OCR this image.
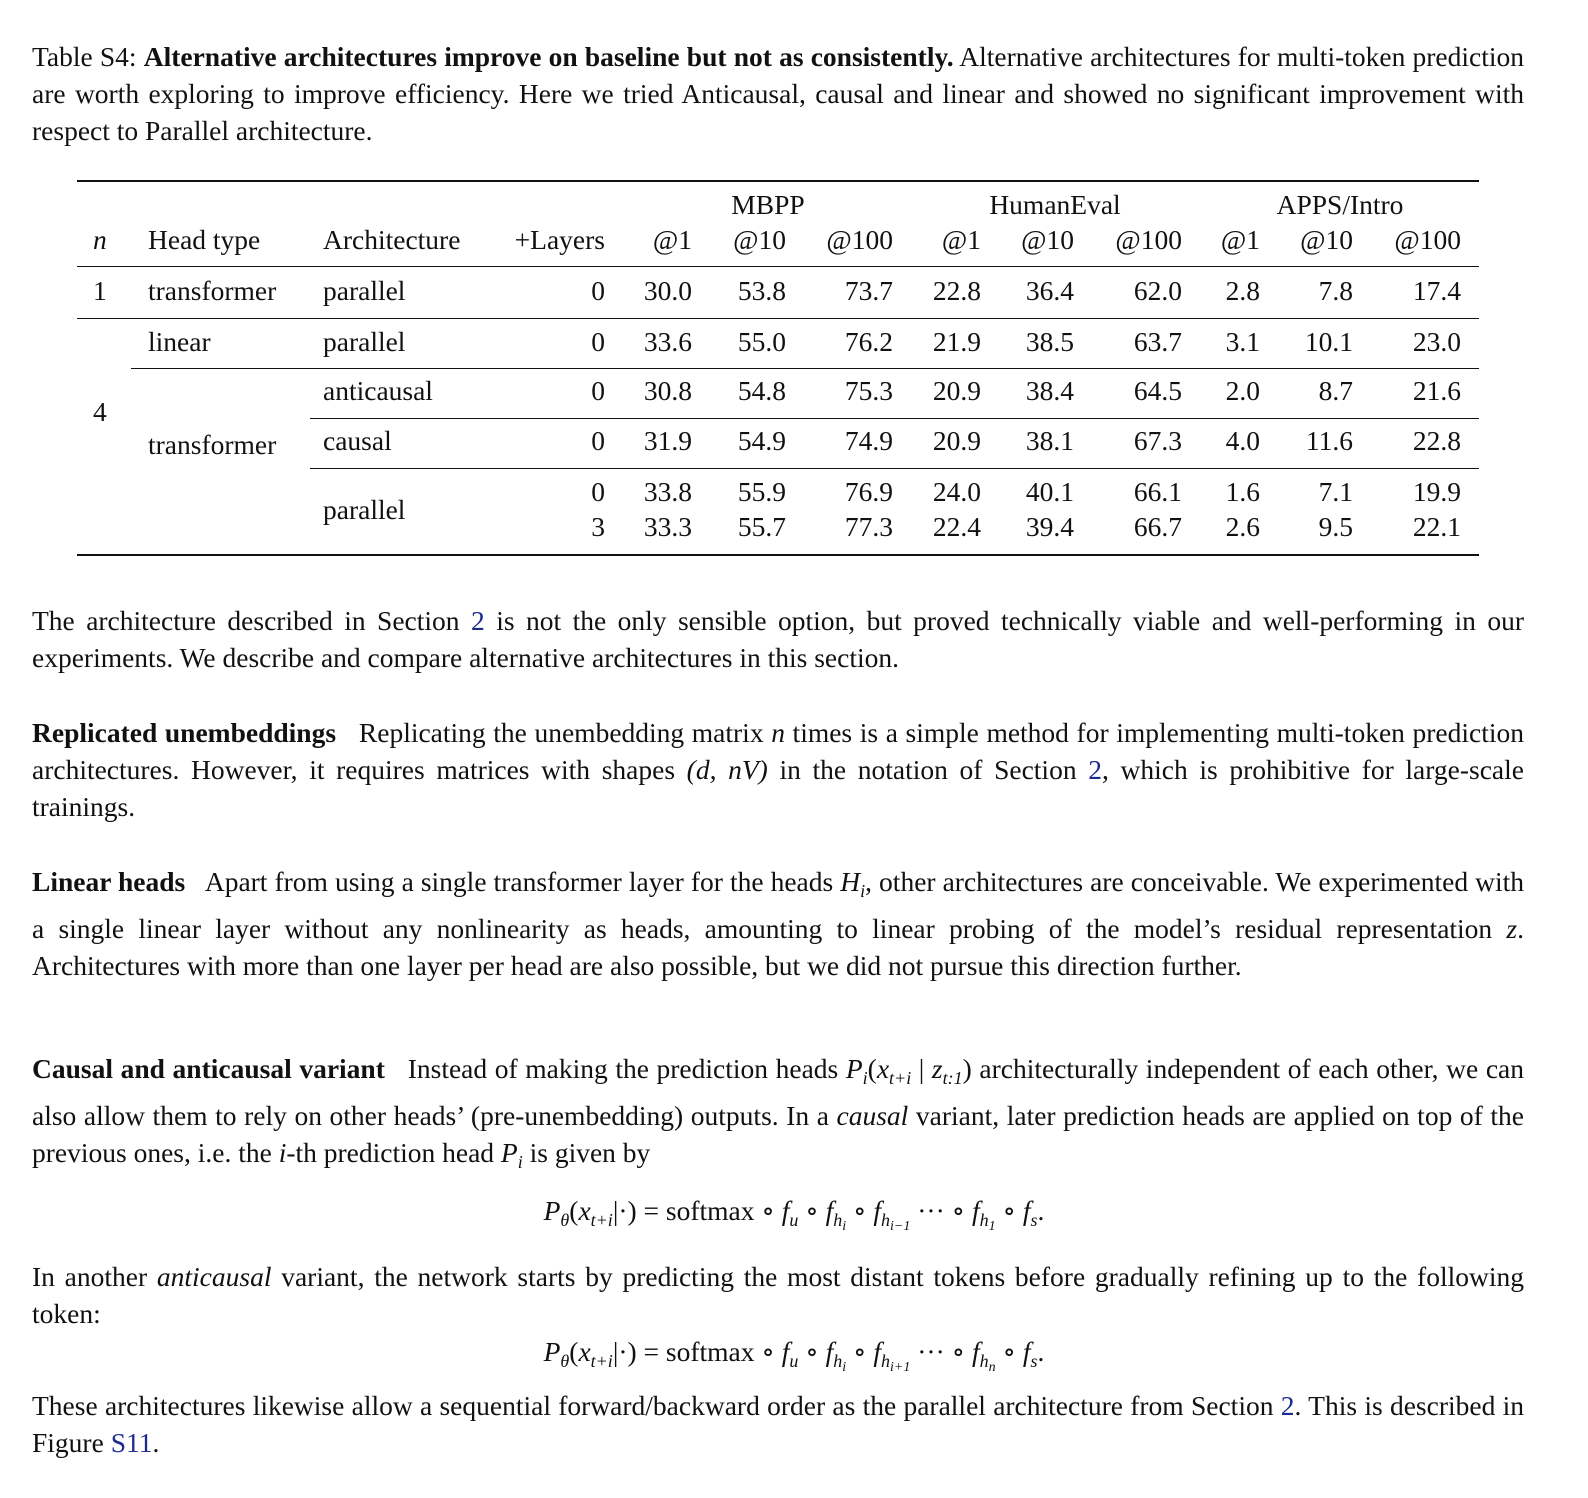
Table S4: Alternative architectures improve on baseline but not as consistently. Alternative architectures for multi-token prediction are worth exploring to improve efficiency. Here we tried Anticausal, causal and linear and showed no significant improvement with respect to Parallel architecture.
MBPP	HumanEval	APPS/Intro
n Head type Architecture +Layers @1 @10 @100 @1 @10 @100 @1 @10 @100
1
4
transformer
linear
transformer
parallel
parallel
anticausal
causal
parallel
0 30.0 53.8 73.7 22.8 36.4 62.0 2.8 7.8 17.4
0 33.6 55.0 76.2 21.9 38.5 63.7 3.1 10.1 23.0
0 30.8 54.8 75.3 20.9 38.4 64.5 2.0 8.7 21.6
0 31.9 54.9 74.9 20.9 38.1 67.3 4.0 11.6 22.8
0 33.8 55.9 76.9 24.0 40.1 66.1 1.6 7.1 19.9
3 33.3 55.7 77.3 22.4 39.4 66.7 2.6 9.5 22.1
The architecture described in Section 2 is not the only sensible option, but proved technically viable and well-performing in our experiments. We describe and compare alternative architectures in this section.
Replicated unembeddings Replicating the unembedding matrix n times is a simple method for implementing multi-token prediction architectures. However, it requires matrices with shapes (d, nV) in the notation of Section 2, which is prohibitive for large-scale trainings.
Linear heads Apart from using a single transformer layer for the heads $H_i$, other architectures are conceivable. We experimented with a single linear layer without any nonlinearity as heads, amounting to linear probing of the model’s residual representation z. Architectures with more than one layer per head are also possible, but we did not pursue this direction further.
Causal and anticausal variant Instead of making the prediction heads $P_i(x_{t+i}$ | $z_{t:1}$) architecturally independent of each other, we can also allow them to rely on other heads’ (pre-unembedding) outputs. In a causal variant, later prediction heads are applied on top of the previous ones, i.e. the i-th prediction head $P_i$ is given by
$P_\theta(x_{t+i}|\cdot)$ = softmax ∘ $f_u$ ∘ $f_{h_i}$ ∘ $f_{h_{i-1}}$ ··· ∘ $f_{h_1}$ ∘ $f_s$.
In another anticausal variant, the network starts by predicting the most distant tokens before gradually refining up to the following token:
$P_\theta(x_{t+i}|\cdot)$ = softmax ∘ $f_u$ ∘ $f_{h_i}$ ∘ $f_{h_{i+1}}$ ··· ∘ $f_{h_n}$ ∘ $f_s$.
These architectures likewise allow a sequential forward/backward order as the parallel architecture from Section 2. This is described in Figure S11.
